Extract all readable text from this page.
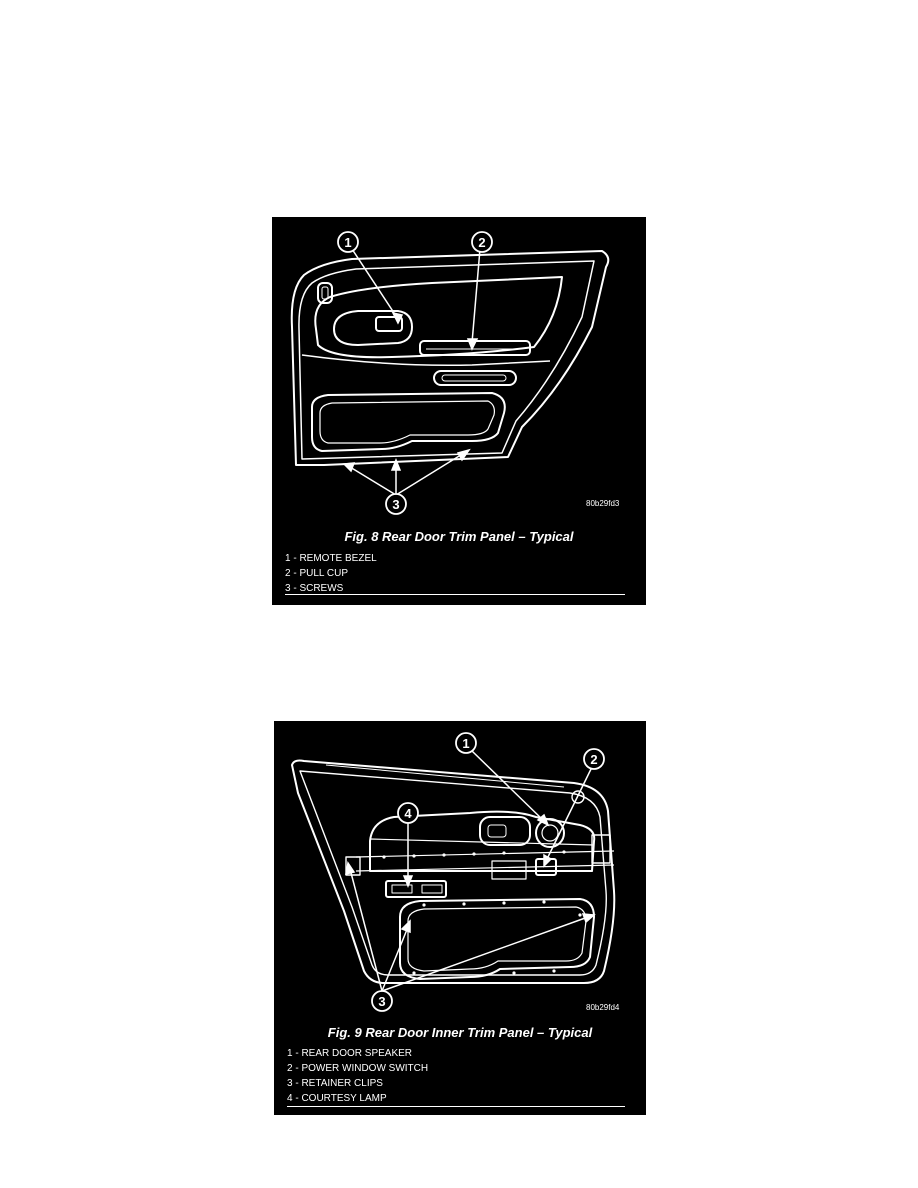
1	2
3	80b29fd3
Fig. 8 Rear Door Trim Panel – Typical
1 - REMOTE BEZEL
2 - PULL CUP
3 - SCREWS
1
2
3
4
80b29fd4
Fig. 9 Rear Door Inner Trim Panel – Typical
1 - REAR DOOR SPEAKER
2 - POWER WINDOW SWITCH
3 - RETAINER CLIPS
4 - COURTESY LAMP
